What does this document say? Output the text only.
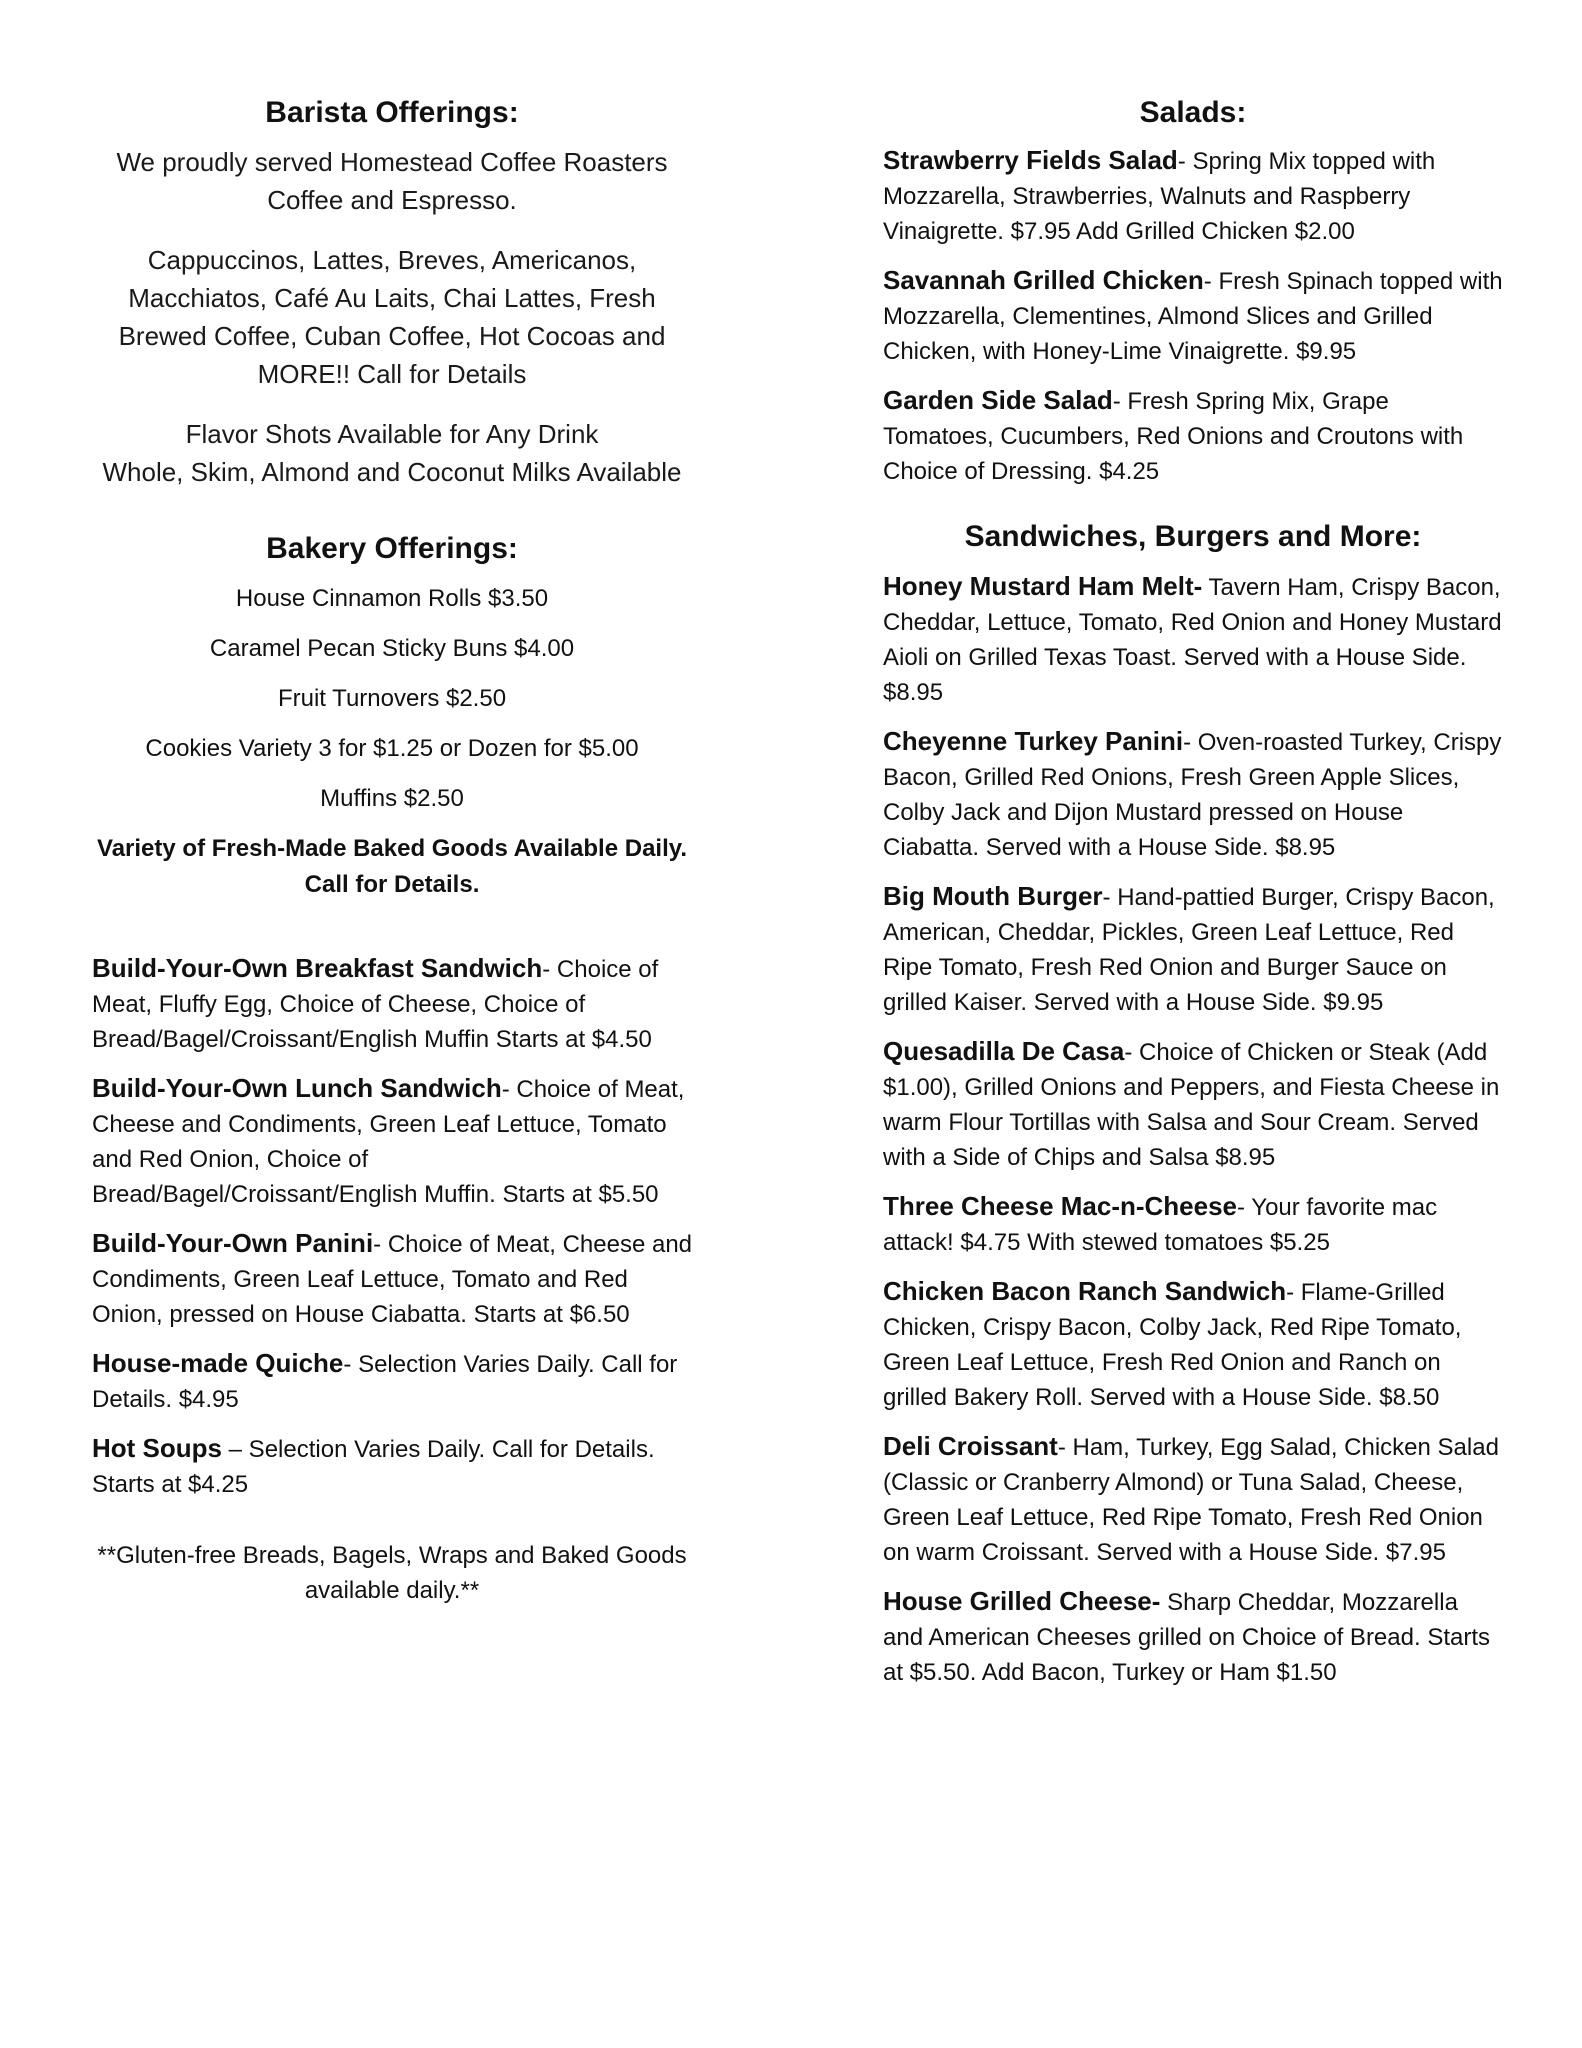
Barista Offerings:

We proudly served Homestead Coffee Roasters Coffee and Espresso.

Cappuccinos, Lattes, Breves, Americanos, Macchiatos, Café Au Laits, Chai Lattes, Fresh Brewed Coffee, Cuban Coffee, Hot Cocoas and MORE!! Call for Details

Flavor Shots Available for Any Drink

Whole, Skim, Almond and Coconut Milks Available

Bakery Offerings:

House Cinnamon Rolls $3.50

Caramel Pecan Sticky Buns $4.00

Fruit Turnovers $2.50

Cookies Variety 3 for $1.25 or Dozen for $5.00

Muffins $2.50

Variety of Fresh-Made Baked Goods Available Daily. Call for Details.

Build-Your-Own Breakfast Sandwich- Choice of Meat, Fluffy Egg, Choice of Cheese, Choice of Bread/Bagel/Croissant/English Muffin Starts at $4.50
Build-Your-Own Lunch Sandwich- Choice of Meat, Cheese and Condiments, Green Leaf Lettuce, Tomato and Red Onion, Choice of Bread/Bagel/Croissant/English Muffin. Starts at $5.50
Build-Your-Own Panini- Choice of Meat, Cheese and Condiments, Green Leaf Lettuce, Tomato and Red Onion, pressed on House Ciabatta. Starts at $6.50
House-made Quiche- Selection Varies Daily. Call for Details. $4.95
Hot Soups – Selection Varies Daily. Call for Details. Starts at $4.25
**Gluten-free Breads, Bagels, Wraps and Baked Goods available daily.**
Salads:
Strawberry Fields Salad- Spring Mix topped with Mozzarella, Strawberries, Walnuts and Raspberry Vinaigrette. $7.95 Add Grilled Chicken $2.00
Savannah Grilled Chicken- Fresh Spinach topped with Mozzarella, Clementines, Almond Slices and Grilled Chicken, with Honey-Lime Vinaigrette. $9.95
Garden Side Salad- Fresh Spring Mix, Grape Tomatoes, Cucumbers, Red Onions and Croutons with Choice of Dressing. $4.25
Sandwiches, Burgers and More:
Honey Mustard Ham Melt- Tavern Ham, Crispy Bacon, Cheddar, Lettuce, Tomato, Red Onion and Honey Mustard Aioli on Grilled Texas Toast. Served with a House Side. $8.95
Cheyenne Turkey Panini- Oven-roasted Turkey, Crispy Bacon, Grilled Red Onions, Fresh Green Apple Slices, Colby Jack and Dijon Mustard pressed on House Ciabatta. Served with a House Side. $8.95
Big Mouth Burger- Hand-pattied Burger, Crispy Bacon, American, Cheddar, Pickles, Green Leaf Lettuce, Red Ripe Tomato, Fresh Red Onion and Burger Sauce on grilled Kaiser. Served with a House Side. $9.95
Quesadilla De Casa- Choice of Chicken or Steak (Add $1.00), Grilled Onions and Peppers, and Fiesta Cheese in warm Flour Tortillas with Salsa and Sour Cream. Served with a Side of Chips and Salsa $8.95
Three Cheese Mac-n-Cheese- Your favorite mac attack! $4.75 With stewed tomatoes $5.25
Chicken Bacon Ranch Sandwich- Flame-Grilled Chicken, Crispy Bacon, Colby Jack, Red Ripe Tomato, Green Leaf Lettuce, Fresh Red Onion and Ranch on grilled Bakery Roll. Served with a House Side. $8.50
Deli Croissant- Ham, Turkey, Egg Salad, Chicken Salad (Classic or Cranberry Almond) or Tuna Salad, Cheese, Green Leaf Lettuce, Red Ripe Tomato, Fresh Red Onion on warm Croissant. Served with a House Side. $7.95
House Grilled Cheese- Sharp Cheddar, Mozzarella and American Cheeses grilled on Choice of Bread. Starts at $5.50. Add Bacon, Turkey or Ham $1.50
